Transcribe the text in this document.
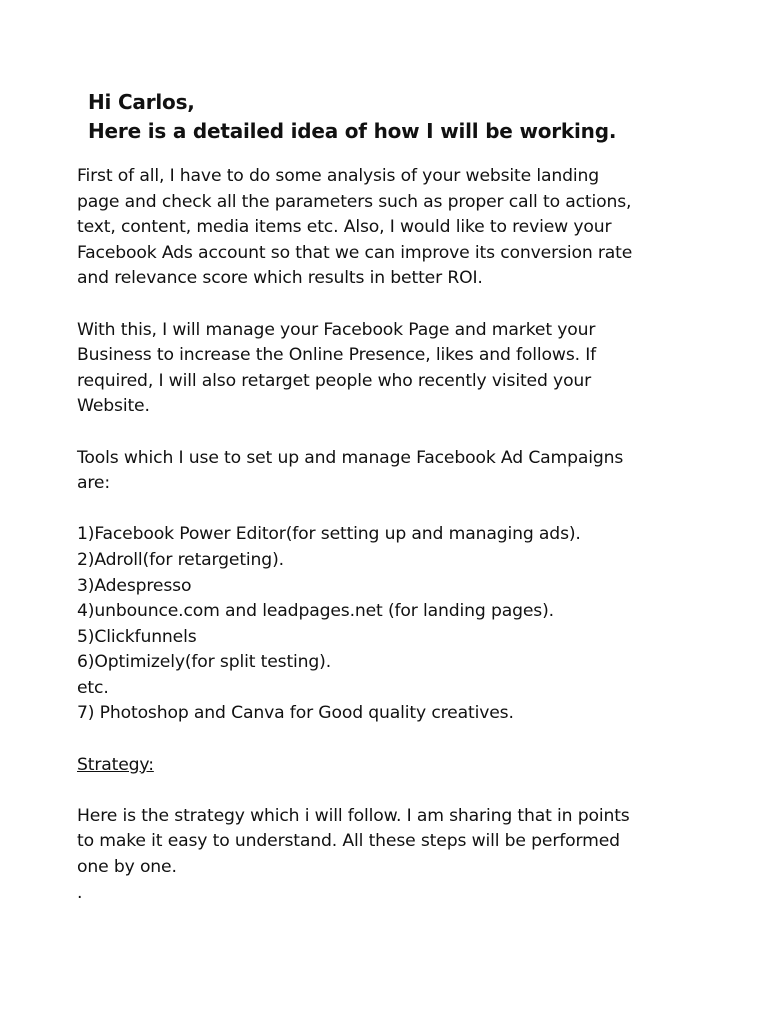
Hi Carlos,
Here is a detailed idea of how I will be working.
First of all, I have to do some analysis of your website landing
page and check all the parameters such as proper call to actions,
text, content, media items etc. Also, I would like to review your
Facebook Ads account so that we can improve its conversion rate
and relevance score which results in better ROI.
With this, I will manage your Facebook Page and market your
Business to increase the Online Presence, likes and follows. If
required, I will also retarget people who recently visited your
Website.
Tools which I use to set up and manage Facebook Ad Campaigns
are:
1)Facebook Power Editor(for setting up and managing ads).
2)Adroll(for retargeting).
3)Adespresso
4)unbounce.com and leadpages.net (for landing pages).
5)Clickfunnels
6)Optimizely(for split testing).
etc.
7) Photoshop and Canva for Good quality creatives.
Strategy:
Here is the strategy which i will follow. I am sharing that in points
to make it easy to understand. All these steps will be performed
one by one.
.
